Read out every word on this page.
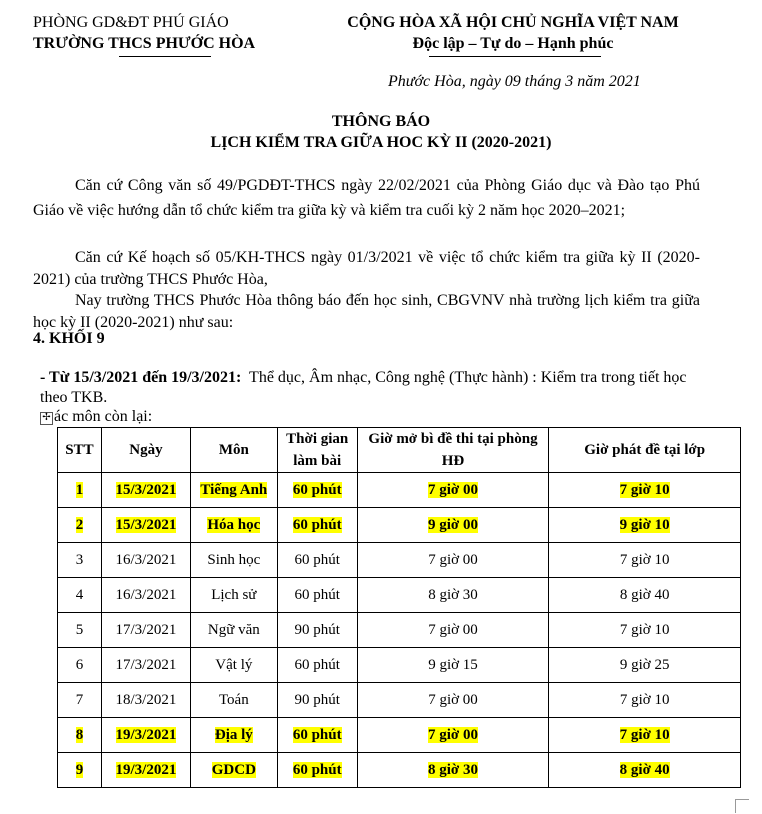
PHÒNG GD&ĐT PHÚ GIÁO
TRƯỜNG THCS PHƯỚC HÒA
CỘNG HÒA XÃ HỘI CHỦ NGHĨA VIỆT NAM
Độc lập – Tự do – Hạnh phúc
Phước Hòa, ngày 09 tháng 3 năm 2021
THÔNG BÁO
LỊCH KIỂM TRA GIỮA HOC KỲ II (2020-2021)
Căn cứ Công văn số 49/PGDĐT-THCS ngày 22/02/2021 của Phòng Giáo dục và Đào tạo Phú Giáo về việc hướng dẫn tổ chức kiểm tra giữa kỳ và kiểm tra cuối kỳ 2 năm học 2020–2021;
Căn cứ Kế hoạch số 05/KH-THCS ngày 01/3/2021 về việc tổ chức kiểm tra giữa kỳ II (2020-2021) của trường THCS Phước Hòa,
Nay trường THCS Phước Hòa thông báo đến học sinh, CBGVNV nhà trường lịch kiểm tra giữa học kỳ II (2020-2021) như sau:
4. KHỐI 9
- Từ 15/3/2021 đến 19/3/2021: Thể dục, Âm nhạc, Công nghệ (Thực hành) : Kiểm tra trong tiết học theo TKB.
✢ ác môn còn lại:
STT	Ngày	Môn	Thời gian làm bài	Giờ mở bì đề thi tại phòng HĐ	Giờ phát đề tại lớp
1	15/3/2021	Tiếng Anh	60 phút	7 giờ 00	7 giờ 10
2	15/3/2021	Hóa học	60 phút	9 giờ 00	9 giờ 10
3	16/3/2021	Sinh học	60 phút	7 giờ 00	7 giờ 10
4	16/3/2021	Lịch sử	60 phút	8 giờ 30	8 giờ 40
5	17/3/2021	Ngữ văn	90 phút	7 giờ 00	7 giờ 10
6	17/3/2021	Vật lý	60 phút	9 giờ 15	9 giờ 25
7	18/3/2021	Toán	90 phút	7 giờ 00	7 giờ 10
8	19/3/2021	Địa lý	60 phút	7 giờ 00	7 giờ 10
9	19/3/2021	GDCD	60 phút	8 giờ 30	8 giờ 40
